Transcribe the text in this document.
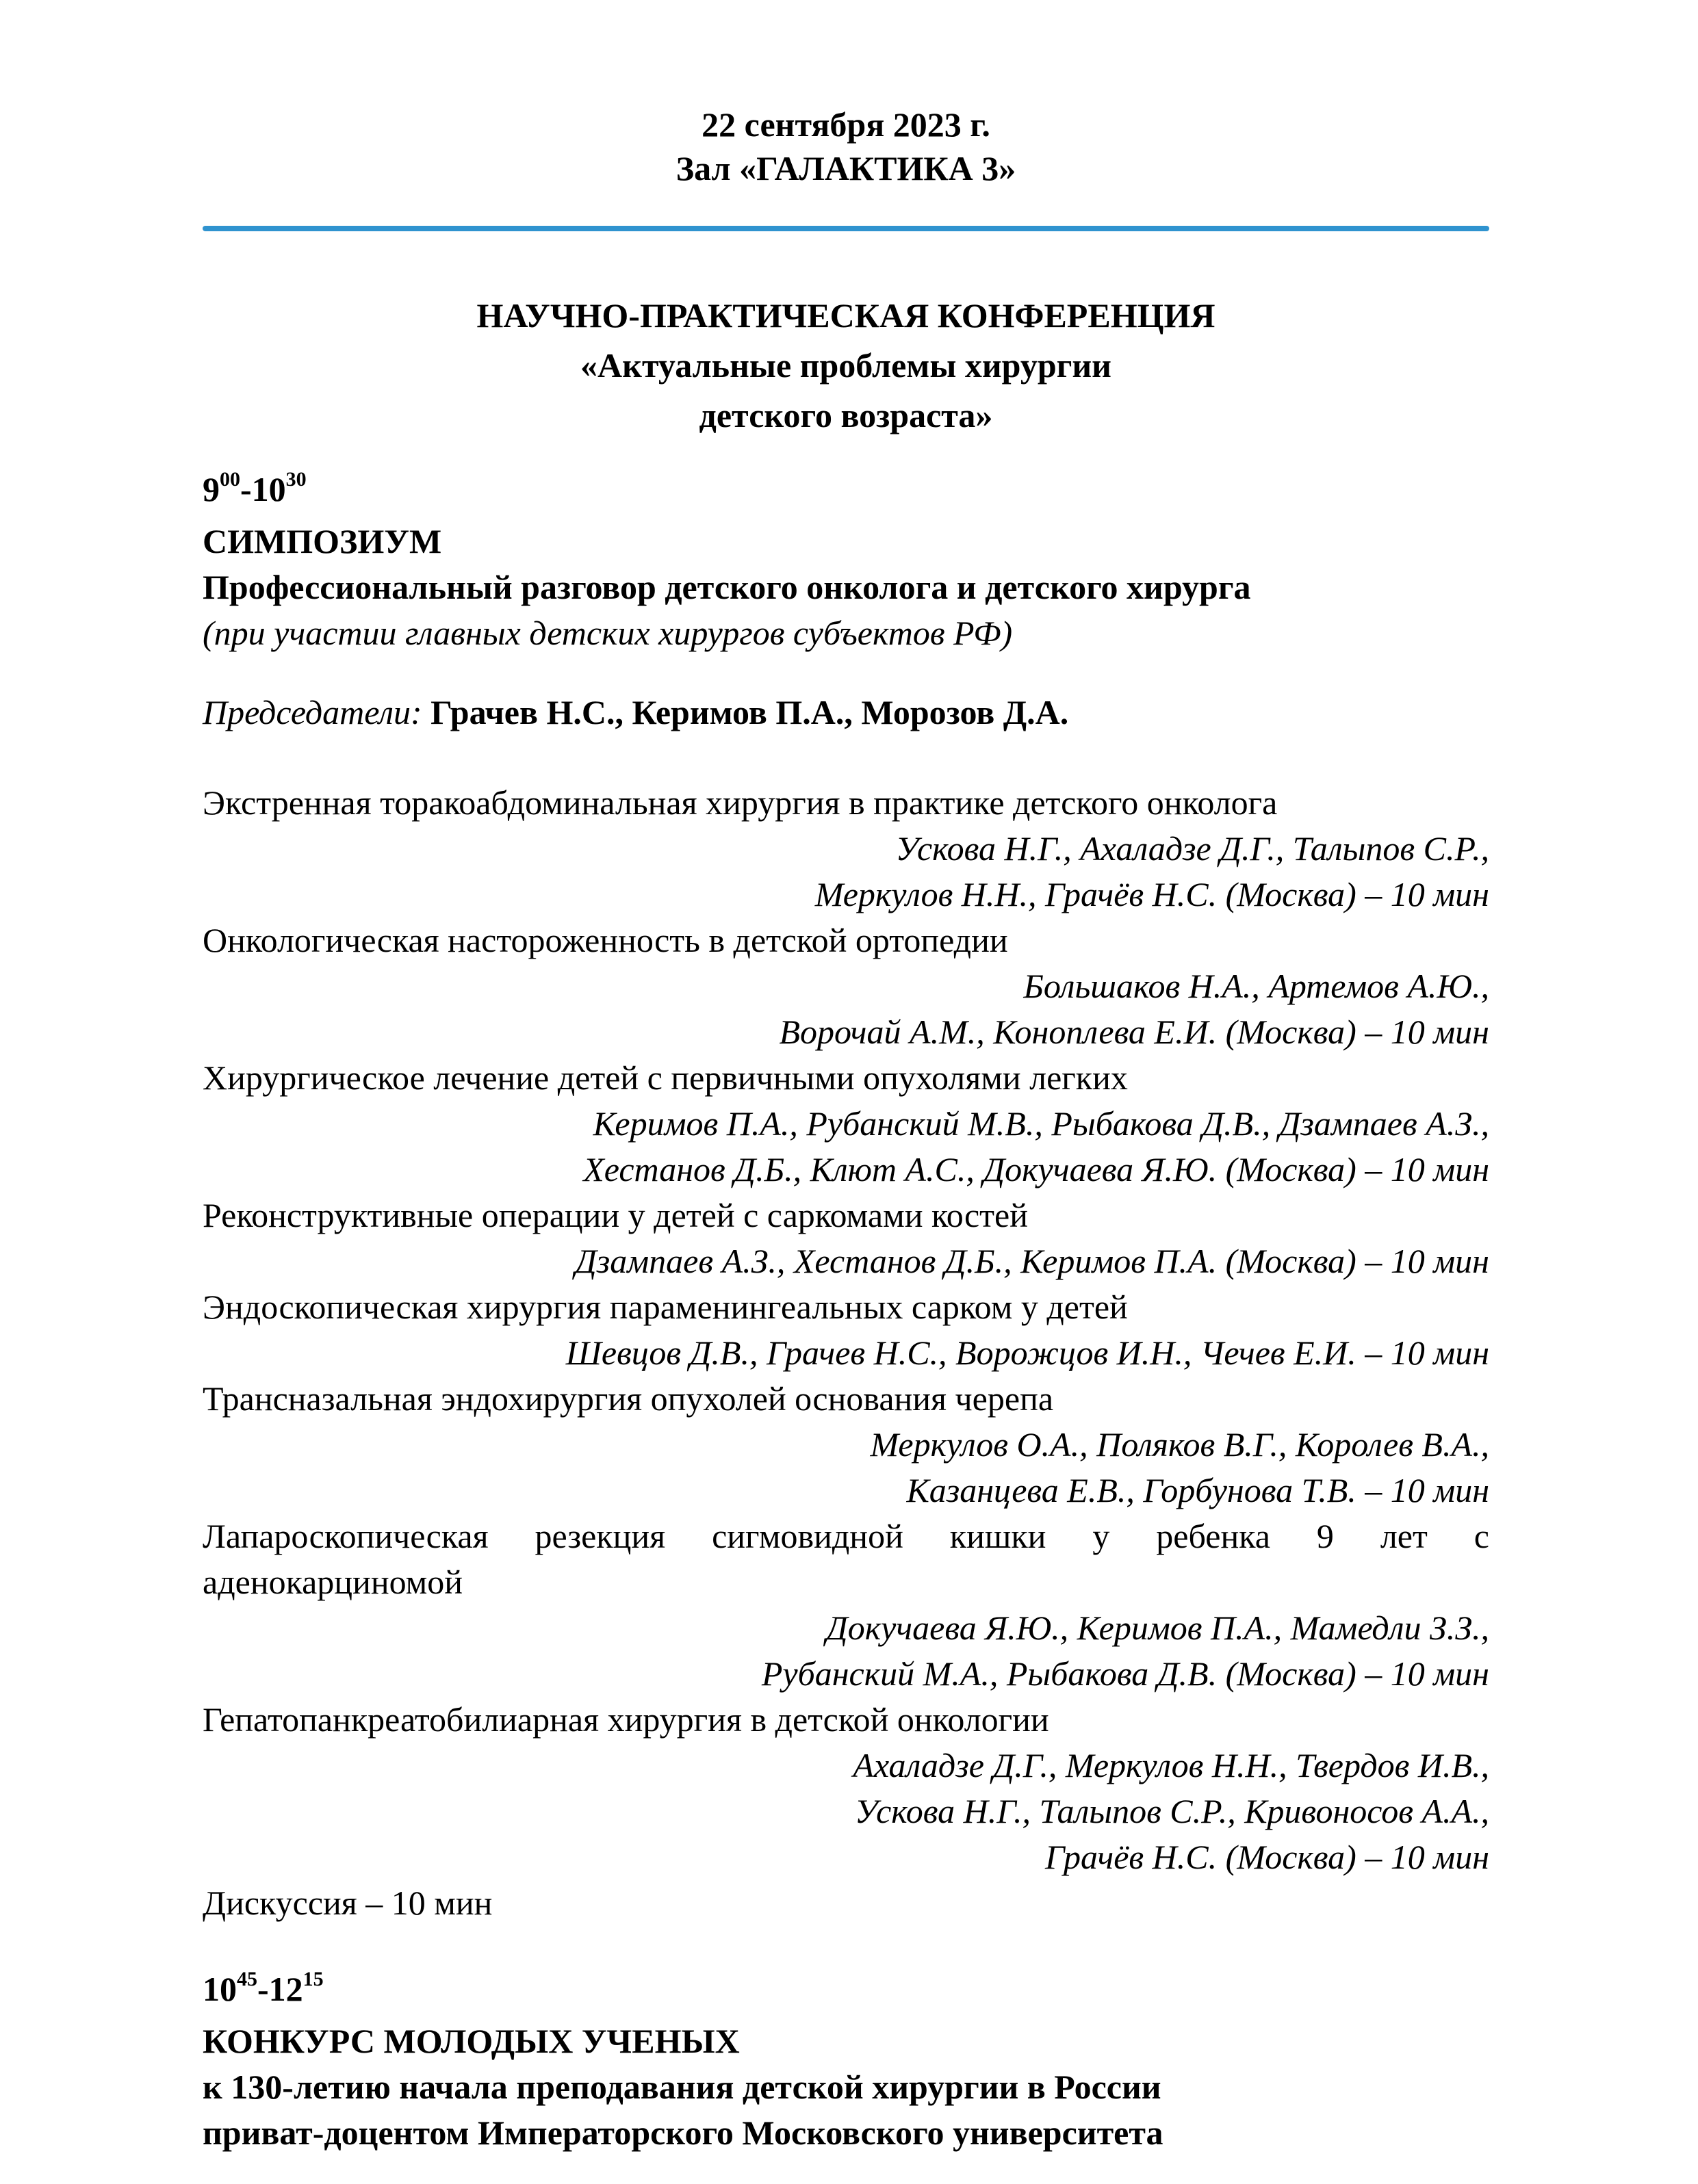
22 сентября 2023 г.
Зал «ГАЛАКТИКА 3»
НАУЧНО-ПРАКТИЧЕСКАЯ КОНФЕРЕНЦИЯ
«Актуальные проблемы хирургии
детского возраста»
$9^{00}-10^{30}$
СИМПОЗИУМ
Профессиональный разговор детского онколога и детского хирурга
(при участии главных детских хирургов субъектов РФ)
Председатели: Грачев Н.С., Керимов П.А., Морозов Д.А.
Экстренная торакоабдоминальная хирургия в практике детского онколога
Ускова Н.Г., Ахаладзе Д.Г., Талыпов С.Р.,
Меркулов Н.Н., Грачёв Н.С. (Москва) – 10 мин
Онкологическая настороженность в детской ортопедии
Большаков Н.А., Артемов А.Ю.,
Ворочай А.М., Коноплева Е.И. (Москва) – 10 мин
Хирургическое лечение детей с первичными опухолями легких
Керимов П.А., Рубанский М.В., Рыбакова Д.В., Дзампаев А.З.,
Хестанов Д.Б., Клют А.С., Докучаева Я.Ю. (Москва) – 10 мин
Реконструктивные операции у детей с саркомами костей
Дзампаев А.З., Хестанов Д.Б., Керимов П.А. (Москва) – 10 мин
Эндоскопическая хирургия параменингеальных сарком у детей
Шевцов Д.В., Грачев Н.С., Ворожцов И.Н., Чечев Е.И. – 10 мин
Трансназальная эндохирургия опухолей основания черепа
Меркулов О.А., Поляков В.Г., Королев В.А.,
Казанцева Е.В., Горбунова Т.В. – 10 мин
Лапароскопическая резекция сигмовидной кишки у ребенка 9 лет с
аденокарциномой
Докучаева Я.Ю., Керимов П.А., Мамедли З.З.,
Рубанский М.А., Рыбакова Д.В. (Москва) – 10 мин
Гепатопанкреатобилиарная хирургия в детской онкологии
Ахаладзе Д.Г., Меркулов Н.Н., Твердов И.В.,
Ускова Н.Г., Талыпов С.Р., Кривоносов А.А.,
Грачёв Н.С. (Москва) – 10 мин
Дискуссия – 10 мин
$10^{45}-12^{15}$
КОНКУРС МОЛОДЫХ УЧЕНЫХ
к 130-летию начала преподавания детской хирургии в России
приват-доцентом Императорского Московского университета
